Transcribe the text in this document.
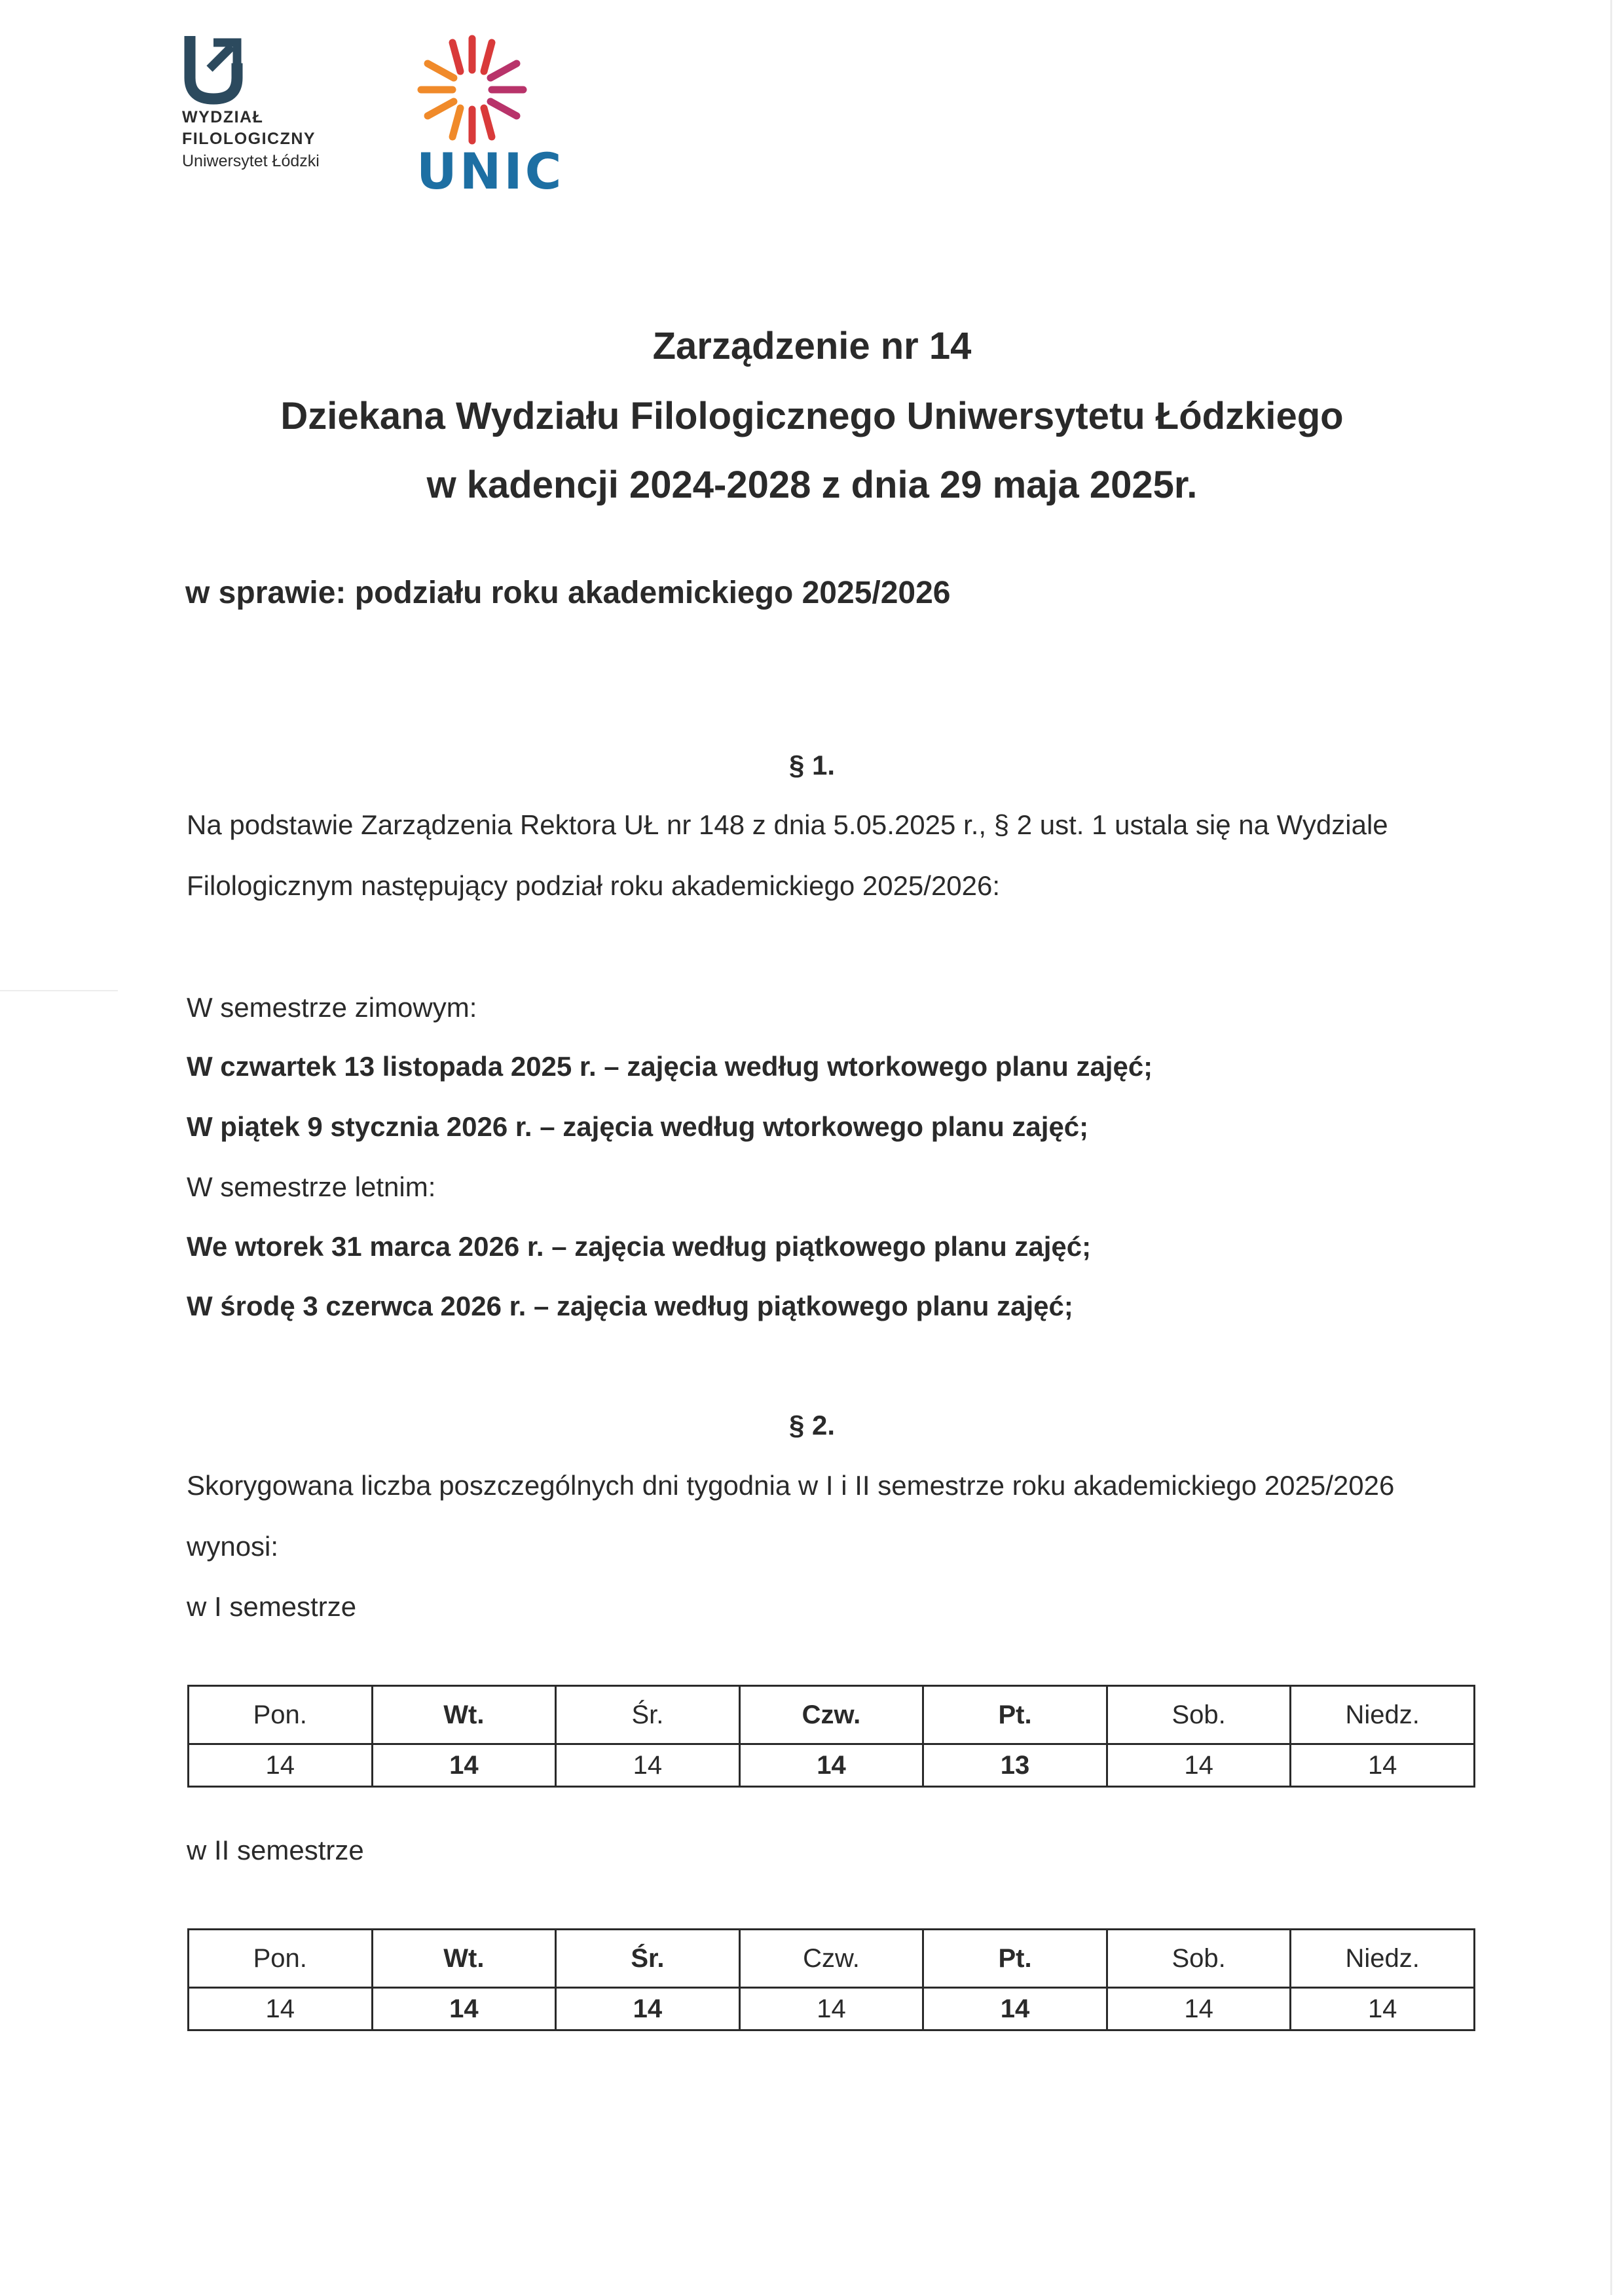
WYDZIAŁ
FILOLOGICZNY
Uniwersytet Łódzki	UNIC
Zarządzenie nr 14
Dziekana Wydziału Filologicznego Uniwersytetu Łódzkiego
w kadencji 2024-2028 z dnia 29 maja 2025r.
w sprawie: podziału roku akademickiego 2025/2026
§ 1.
Na podstawie Zarządzenia Rektora UŁ nr 148 z dnia 5.05.2025 r., § 2 ust. 1 ustala się na Wydziale
Filologicznym następujący podział roku akademickiego 2025/2026:
W semestrze zimowym:
W czwartek 13 listopada 2025 r. – zajęcia według wtorkowego planu zajęć;
W piątek 9 stycznia 2026 r. – zajęcia według wtorkowego planu zajęć;
W semestrze letnim:
We wtorek 31 marca 2026 r. – zajęcia według piątkowego planu zajęć;
W środę 3 czerwca 2026 r. – zajęcia według piątkowego planu zajęć;
§ 2.
Skorygowana liczba poszczególnych dni tygodnia w I i II semestrze roku akademickiego 2025/2026
wynosi:
w I semestrze
Pon.	Wt.	Śr.	Czw.	Pt.	Sob.	Niedz.
14	14	14	14	13	14	14
w II semestrze
Pon.	Wt.	Śr.	Czw.	Pt.	Sob.	Niedz.
14	14	14	14	14	14	14
